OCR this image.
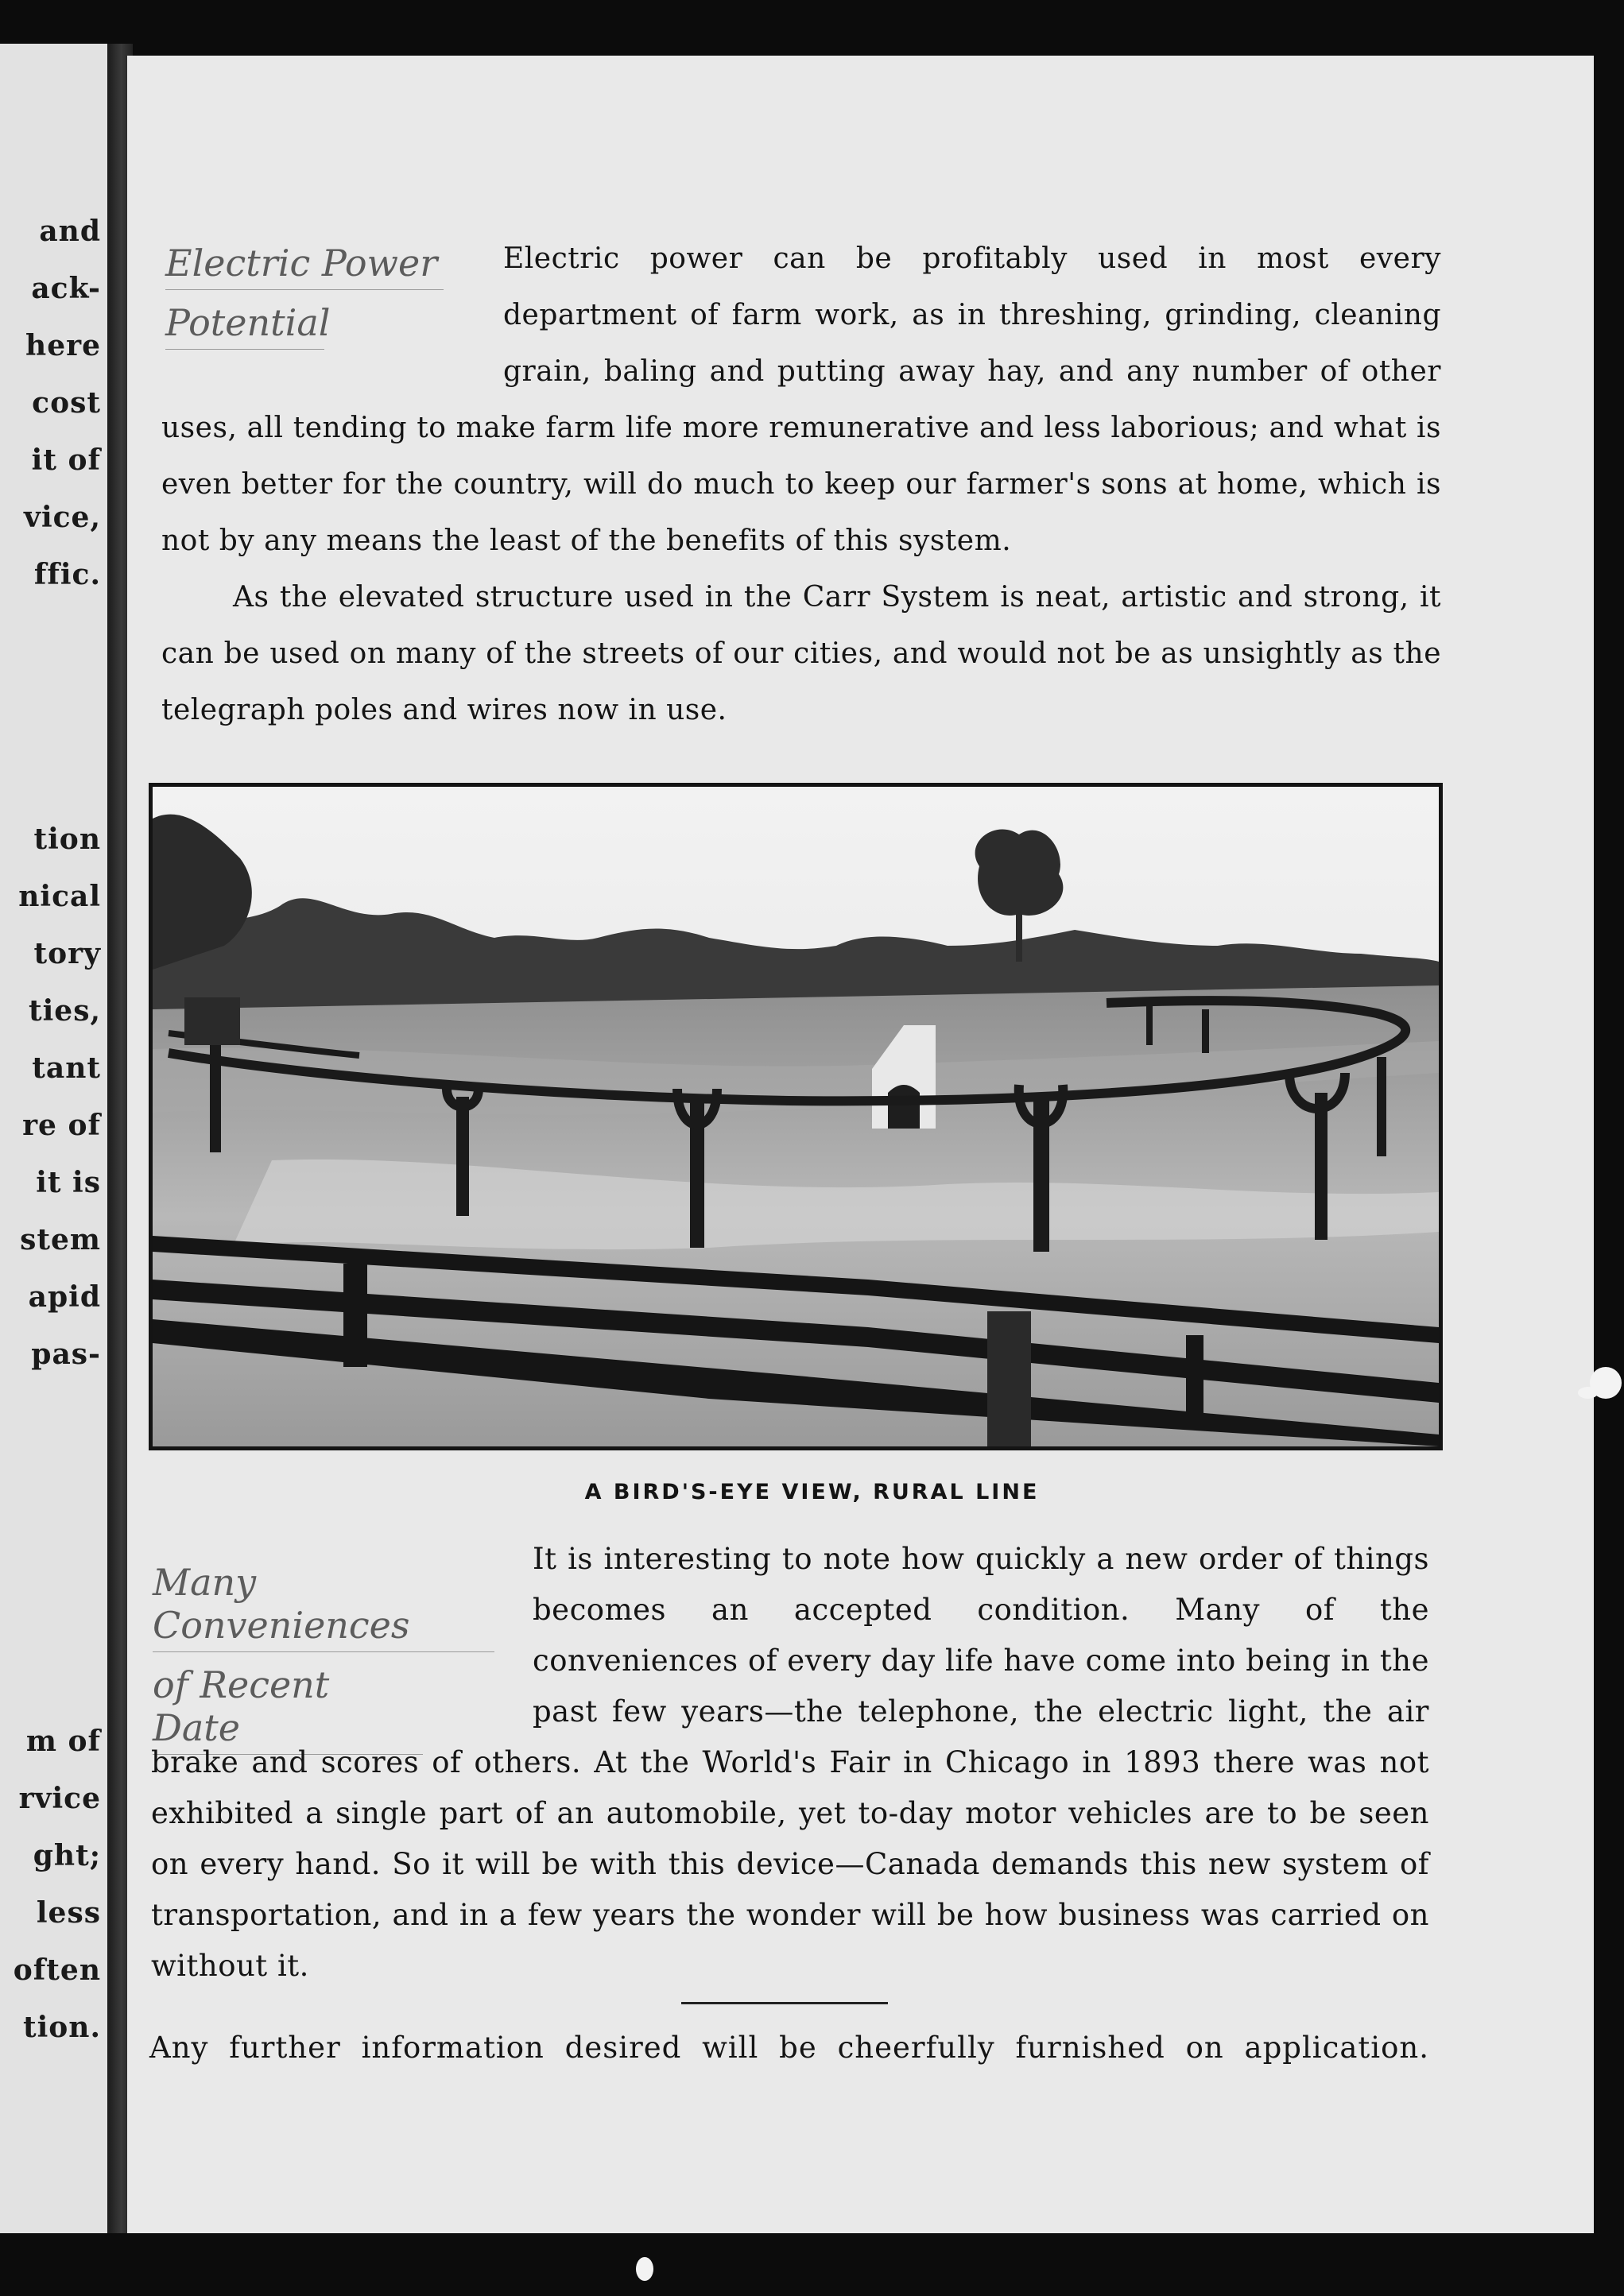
and
ack-
here
cost
it of
vice,
ffic.
tion
nical
tory
ties,
tant
re of
it is
stem
apid
pas-
m of
rvice
ght;
less
often
tion.
Electric Power
Potential

Electric power can be profitably used in most every department of farm work, as in threshing, grinding, cleaning grain, baling and putting away hay, and any number of other uses, all tending to make farm life more remunerative and less laborious; and what is even better for the country, will do much to keep our farmer's sons at home, which is not by any means the least of the benefits of this system.

As the elevated structure used in the Carr System is neat, artistic and strong, it can be used on many of the streets of our cities, and would not be as unsightly as the telegraph poles and wires now in use.

A BIRD'S-EYE VIEW, RURAL LINE
Many Conveniences
of Recent Date

It is interesting to note how quickly a new order of things becomes an accepted condition. Many of the conveniences of every day life have come into being in the past few years—the telephone, the electric light, the air brake and scores of others. At the World's Fair in Chicago in 1893 there was not exhibited a single part of an automobile, yet to-day motor vehicles are to be seen on every hand. So it will be with this device—Canada demands this new system of transportation, and in a few years the wonder will be how business was carried on without it.

Any further information desired will be cheerfully furnished on application.
